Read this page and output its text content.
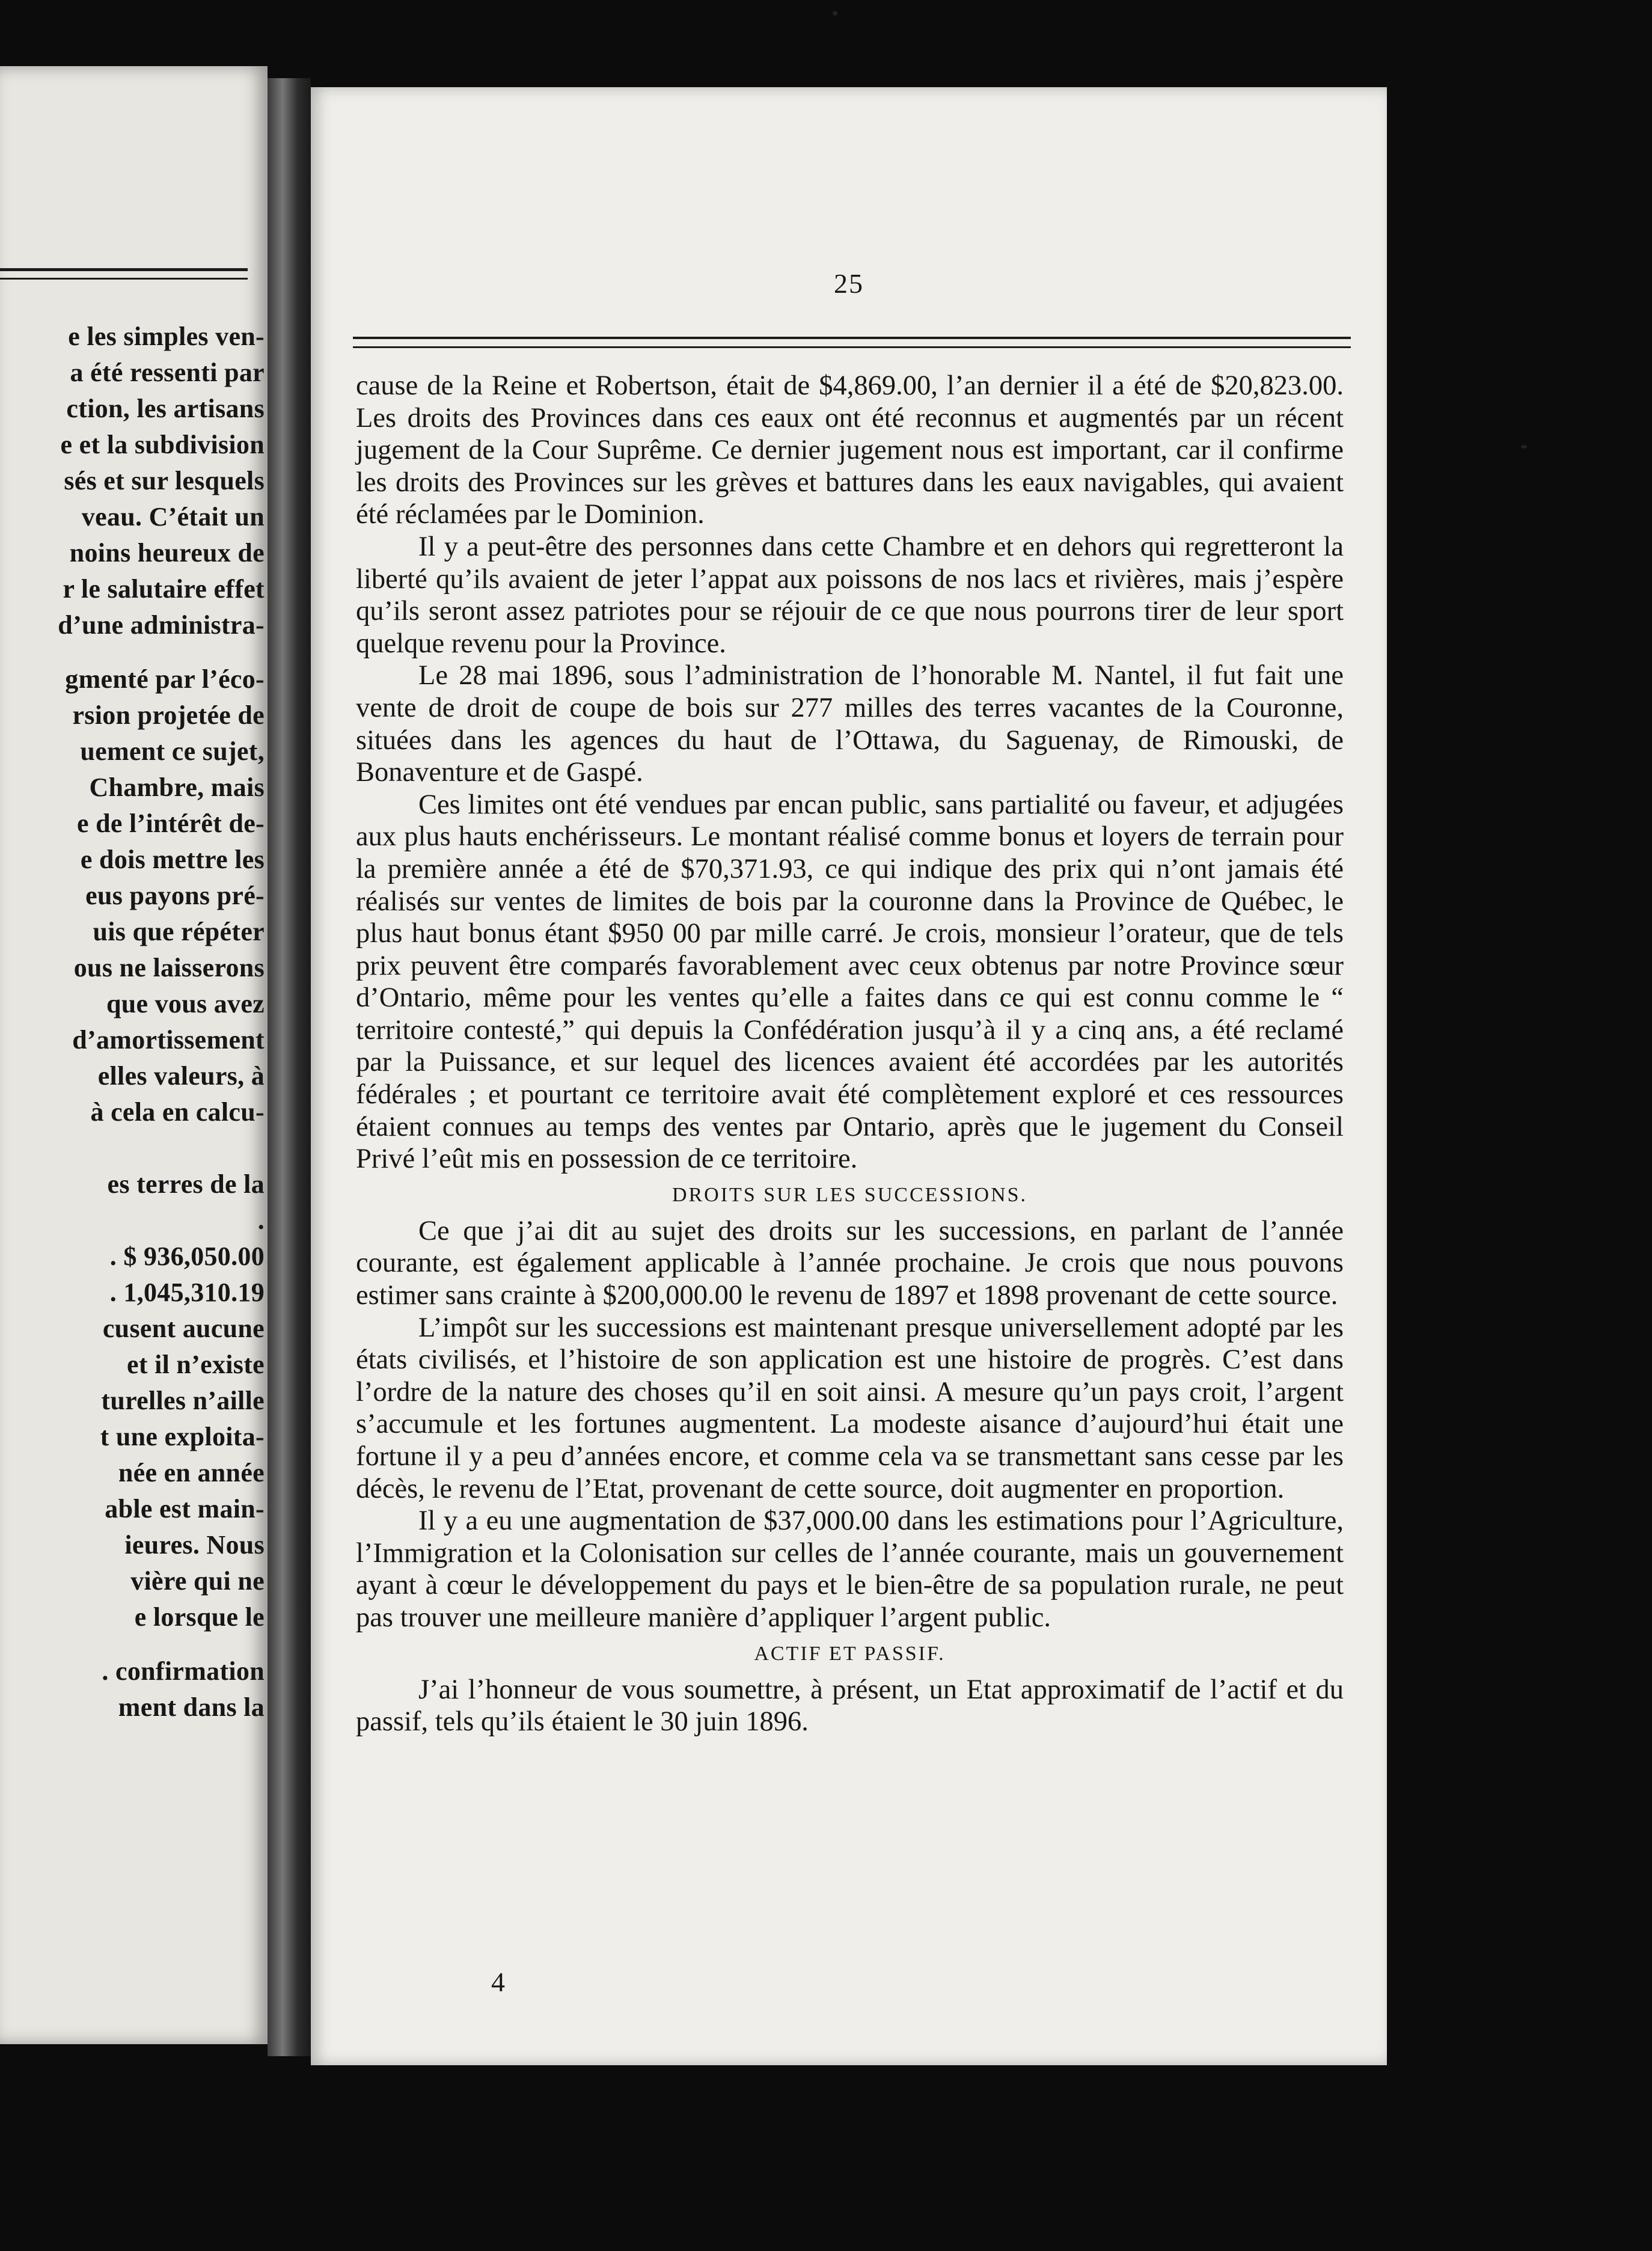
e les simples ven-
a été ressenti par
ction, les artisans
e et la subdivision
sés et sur lesquels
veau. C’était un
noins heureux de
r le salutaire effet
d’une administra-
gmenté par l’éco-
rsion projetée de
uement ce sujet,
Chambre, mais
e de l’intérêt de-
e dois mettre les
eus payons pré-
uis que répéter
ous ne laisserons
que vous avez
d’amortissement
elles valeurs, à
à cela en calcu-
es terres de la
.
. $ 936,050.00
. 1,045,310.19
cusent aucune
et il n’existe
turelles n’aille
t une exploita-
née en année
able est main-
ieures. Nous
vière qui ne
e lorsque le
. confirmation
ment dans la
25

cause de la Reine et Robertson, était de $4,869.00, l’an dernier il a été de $20,823.00. Les droits des Provinces dans ces eaux ont été reconnus et augmentés par un récent jugement de la Cour Suprême. Ce dernier jugement nous est important, car il confirme les droits des Provinces sur les grèves et battures dans les eaux navigables, qui avaient été réclamées par le Dominion.

Il y a peut-être des personnes dans cette Chambre et en dehors qui regretteront la liberté qu’ils avaient de jeter l’appat aux poissons de nos lacs et rivières, mais j’espère qu’ils seront assez patriotes pour se réjouir de ce que nous pourrons tirer de leur sport quelque revenu pour la Province.

Le 28 mai 1896, sous l’administration de l’honorable M. Nantel, il fut fait une vente de droit de coupe de bois sur 277 milles des terres vacantes de la Couronne, situées dans les agences du haut de l’Ottawa, du Saguenay, de Rimouski, de Bonaventure et de Gaspé.

Ces limites ont été vendues par encan public, sans partialité ou faveur, et adjugées aux plus hauts enchérisseurs. Le montant réalisé comme bonus et loyers de terrain pour la première année a été de $70,371.93, ce qui indique des prix qui n’ont jamais été réalisés sur ventes de limites de bois par la couronne dans la Province de Québec, le plus haut bonus étant $950 00 par mille carré. Je crois, monsieur l’orateur, que de tels prix peuvent être comparés favorablement avec ceux obtenus par notre Province sœur d’Ontario, même pour les ventes qu’elle a faites dans ce qui est connu comme le “ territoire contesté,” qui depuis la Confédération jusqu’à il y a cinq ans, a été reclamé par la Puissance, et sur lequel des licences avaient été accordées par les autorités fédérales ; et pourtant ce territoire avait été complètement exploré et ces ressources étaient connues au temps des ventes par Ontario, après que le jugement du Conseil Privé l’eût mis en possession de ce territoire.

DROITS SUR LES SUCCESSIONS.

Ce que j’ai dit au sujet des droits sur les successions, en parlant de l’année courante, est également applicable à l’année prochaine. Je crois que nous pouvons estimer sans crainte à $200,000.00 le revenu de 1897 et 1898 provenant de cette source.

L’impôt sur les successions est maintenant presque universellement adopté par les états civilisés, et l’histoire de son application est une histoire de progrès. C’est dans l’ordre de la nature des choses qu’il en soit ainsi. A mesure qu’un pays croit, l’argent s’accumule et les fortunes augmentent. La modeste aisance d’aujourd’hui était une fortune il y a peu d’années encore, et comme cela va se transmettant sans cesse par les décès, le revenu de l’Etat, provenant de cette source, doit augmenter en proportion.

Il y a eu une augmentation de $37,000.00 dans les estimations pour l’Agriculture, l’Immigration et la Colonisation sur celles de l’année courante, mais un gouvernement ayant à cœur le développement du pays et le bien-être de sa population rurale, ne peut pas trouver une meilleure manière d’appliquer l’argent public.

ACTIF ET PASSIF.

J’ai l’honneur de vous soumettre, à présent, un Etat approximatif de l’actif et du passif, tels qu’ils étaient le 30 juin 1896.

4
